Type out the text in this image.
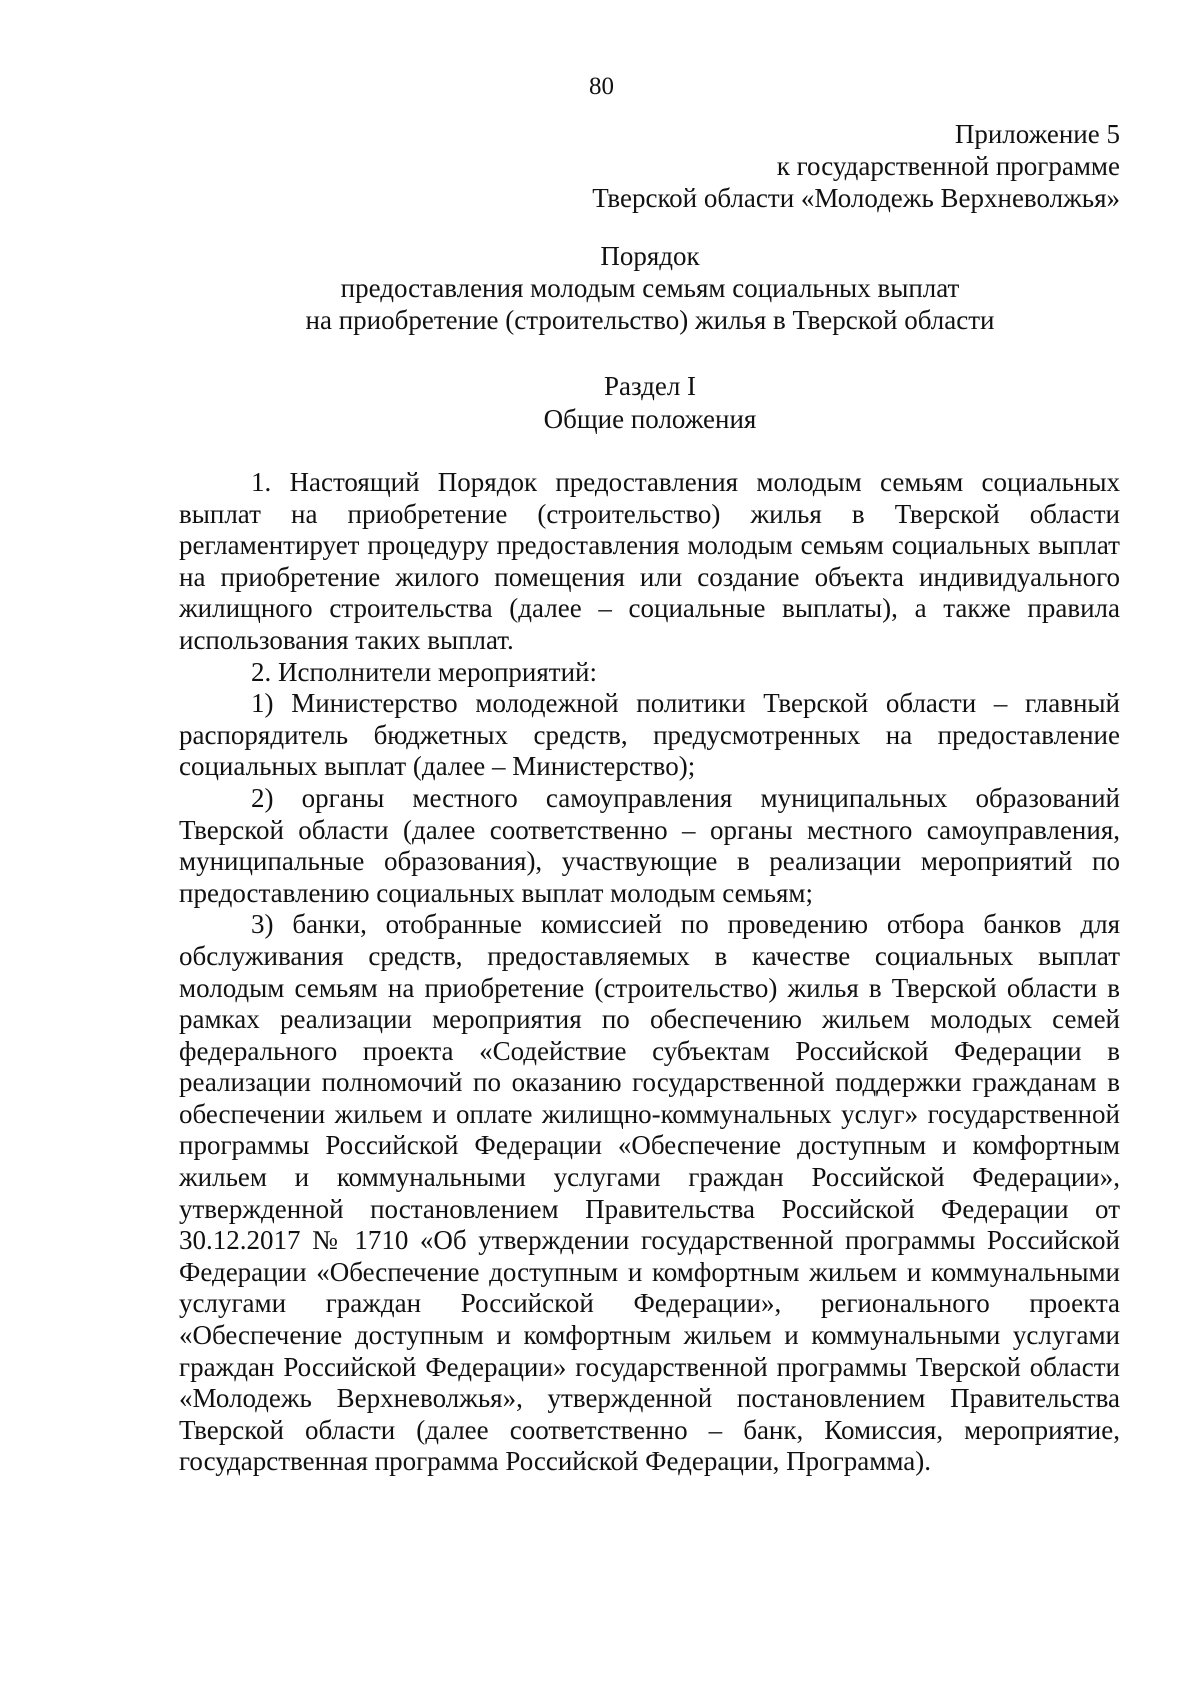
80
Приложение 5
к государственной программе
Тверской области «Молодежь Верхневолжья»
Порядок
предоставления молодым семьям социальных выплат
на приобретение (строительство) жилья в Тверской области
Раздел I
Общие положения

1. Настоящий Порядок предоставления молодым семьям социальных выплат на приобретение (строительство) жилья в Тверской области регламентирует процедуру предоставления молодым семьям социальных выплат на приобретение жилого помещения или создание объекта индивидуального жилищного строительства (далее – социальные выплаты), а также правила использования таких выплат.

2. Исполнители мероприятий:

1) Министерство молодежной политики Тверской области – главный распорядитель бюджетных средств, предусмотренных на предоставление социальных выплат (далее – Министерство);

2) органы местного самоуправления муниципальных образований Тверской области (далее соответственно – органы местного самоуправления, муниципальные образования), участвующие в реализации мероприятий по предоставлению социальных выплат молодым семьям;

3) банки, отобранные комиссией по проведению отбора банков для обслуживания средств, предоставляемых в качестве социальных выплат молодым семьям на приобретение (строительство) жилья в Тверской области в рамках реализации мероприятия по обеспечению жильем молодых семей федерального проекта «Содействие субъектам Российской Федерации в реализации полномочий по оказанию государственной поддержки гражданам в обеспечении жильем и оплате жилищно-коммунальных услуг» государственной программы Российской Федерации «Обеспечение доступным и комфортным жильем и коммунальными услугами граждан Российской Федерации», утвержденной постановлением Правительства Российской Федерации от 30.12.2017 № 1710 «Об утверждении государственной программы Российской Федерации «Обеспечение доступным и комфортным жильем и коммунальными услугами граждан Российской Федерации», регионального проекта «Обеспечение доступным и комфортным жильем и коммунальными услугами граждан Российской Федерации» государственной программы Тверской области «Молодежь Верхневолжья», утвержденной постановлением Правительства Тверской области (далее соответственно – банк, Комиссия, мероприятие, государственная программа Российской Федерации, Программа).
